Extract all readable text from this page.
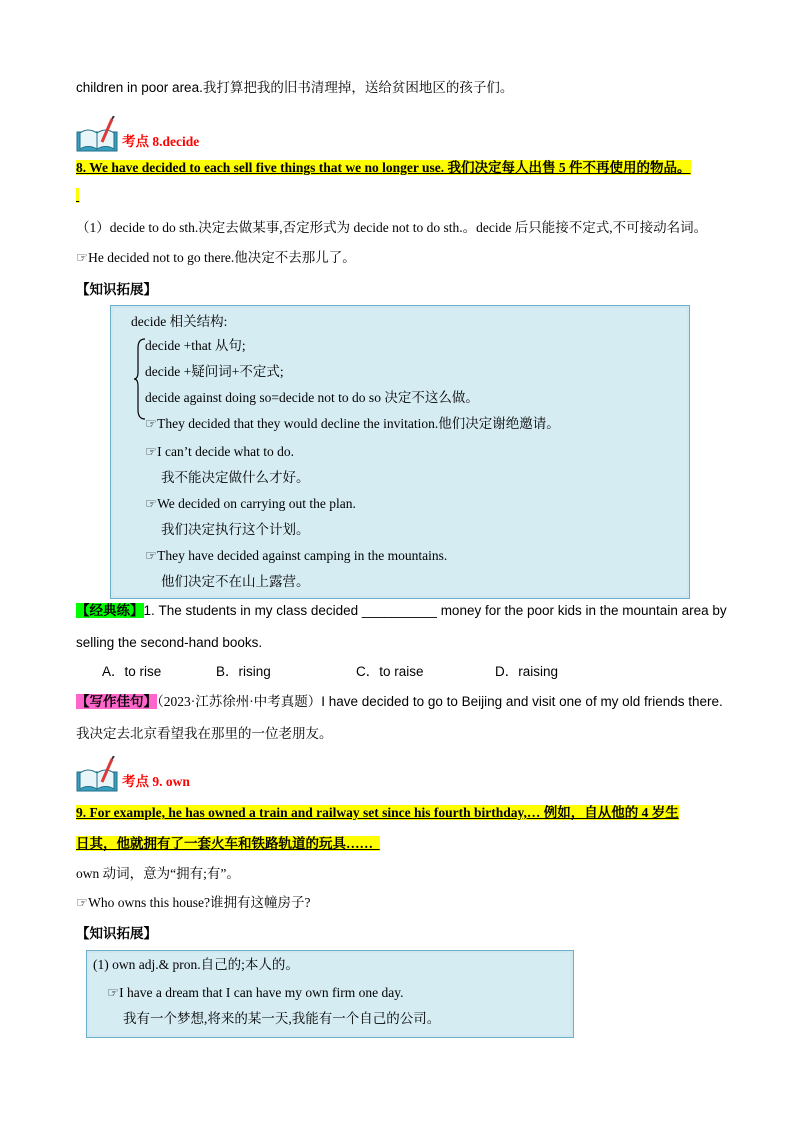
children in poor area.我打算把我的旧书清理掉，送给贫困地区的孩子们。
考点 8.decide
8. We have decided to each sell five things that we no longer use. 我们决定每人出售 5 件不再使用的物品。

（1）decide to do sth.决定去做某事,否定形式为 decide not to do sth.。decide 后只能接不定式,不可接动名词。
☞He decided not to go there.他决定不去那儿了。
【知识拓展】
decide 相关结构:
decide +that 从句;
decide +疑问词+不定式;
decide against doing so=decide not to do so 决定不这么做。
☞They decided that they would decline the invitation.他们决定谢绝邀请。
☞I can’t decide what to do.
我不能决定做什么才好。
☞We decided on carrying out the plan.
我们决定执行这个计划。
☞They have decided against camping in the mountains.
他们决定不在山上露营。
【经典练】1. The students in my class decided __________ money for the poor kids in the mountain area by
selling the second-hand books.
A．to rise	B．rising	C．to raise	D．raising
【写作佳句】（2023·江苏徐州·中考真题）I have decided to go to Beijing and visit one of my old friends there.
我决定去北京看望我在那里的一位老朋友。
考点 9. own
9. For example, he has owned a train and railway set since his fourth birthday,… 例如，自从他的 4 岁生
日其，他就拥有了一套火车和铁路轨道的玩具……
own 动词，意为“拥有;有”。
☞Who owns this house?谁拥有这幢房子?
【知识拓展】
(1) own adj.& pron.自己的;本人的。
☞I have a dream that I can have my own firm one day.
我有一个梦想,将来的某一天,我能有一个自己的公司。
